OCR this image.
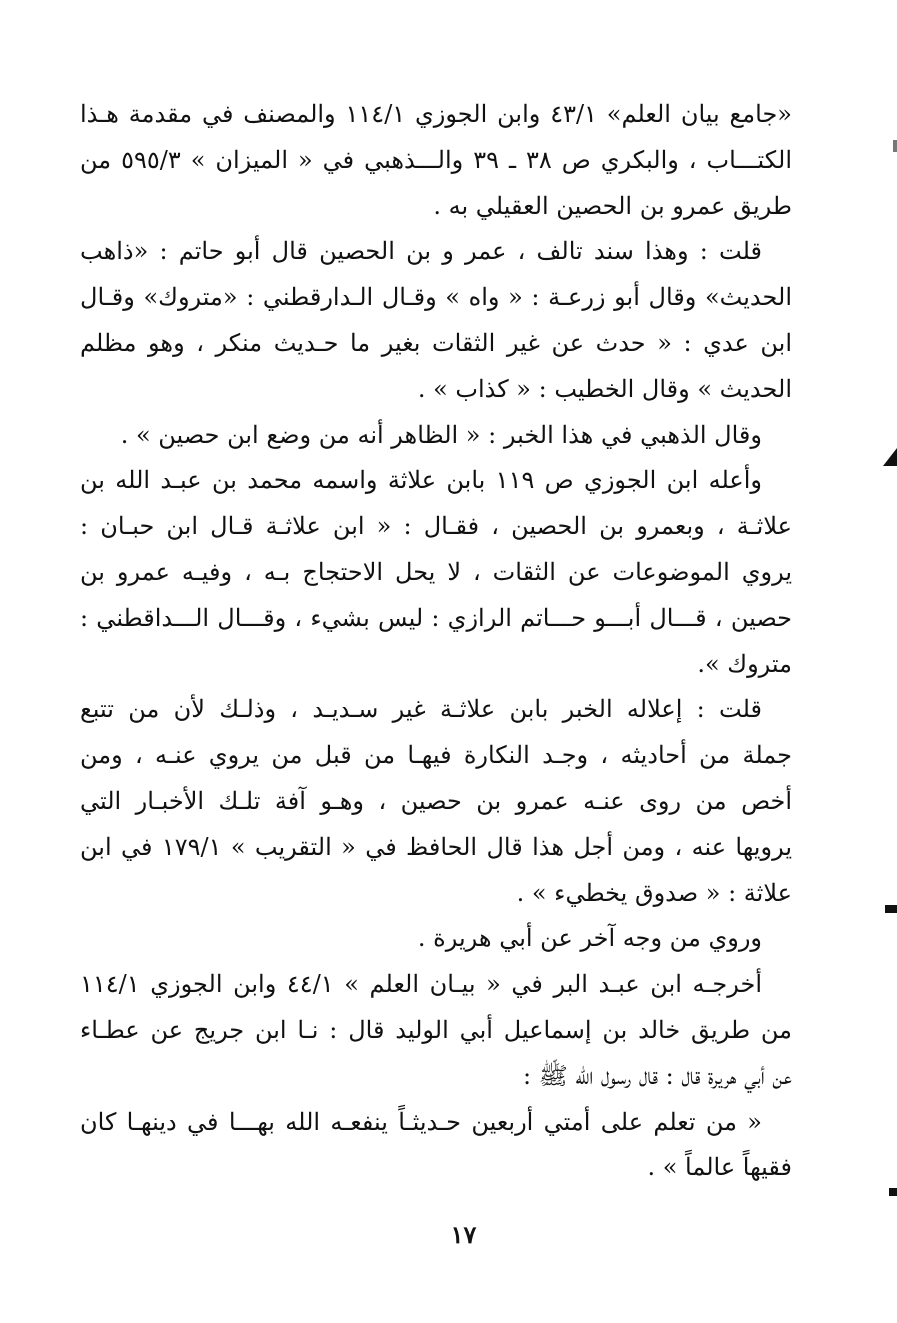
«جامع بيان العلم» ٤٣/١ وابن الجوزي ١١٤/١ والمصنف في مقدمة هـذا
الكتـــاب ، والبكري ص ٣٨ ـ ٣٩ والـــذهبي في « الميزان » ٥٩٥/٣ من
طريق عمرو بن الحصين العقيلي به .
قلت : وهذا سند تالف ، عمر و بن الحصين قال أبو حاتم : «ذاهب
الحديث» وقال أبو زرعـة : « واه » وقـال الـدارقطني : «متروك» وقـال
ابن عدي : « حدث عن غير الثقات بغير ما حـديث منكر ، وهو مظلم
الحديث » وقال الخطيب : « كذاب » .
وقال الذهبي في هذا الخبر : « الظاهر أنه من وضع ابن حصين » .
وأعله ابن الجوزي ص ١١٩ بابن علاثة واسمه محمد بن عبـد الله بن
علاثـة ، وبعمرو بن الحصين ، فقـال : « ابن علاثـة قـال ابن حبـان :
يروي الموضوعات عن الثقات ، لا يحل الاحتجاج بـه ، وفيـه عمرو بن
حصين ، قـــال أبـــو حـــاتم الرازي : ليس بشيء ، وقـــال الـــداقطني :
متروك ».
قلت : إعلاله الخبر بابن علاثـة غير سـديـد ، وذلـك لأن من تتبع
جملة من أحاديثه ، وجـد النكارة فيهـا من قبل من يروي عنـه ، ومن
أخص من روى عنـه عمرو بن حصين ، وهـو آفة تلـك الأخبـار التي
يرويها عنه ، ومن أجل هذا قال الحافظ في « التقريب » ١٧٩/١ في ابن
علاثة : « صدوق يخطيء » .
وروي من وجه آخر عن أبي هريرة .
أخرجـه ابن عبـد البر في « بيـان العلم » ٤٤/١ وابن الجوزي ١١٤/١
من طريق خالد بن إسماعيل أبي الوليد قال : نـا ابن جريج عن عطـاء
عن أبي هريرة قال : قال رسول الله ﷺ :
« من تعلم على أمتي أربعين حـديثـاً ينفعـه الله بهـــا في دينهـا كان
فقيهاً عالماً » .
١٧
